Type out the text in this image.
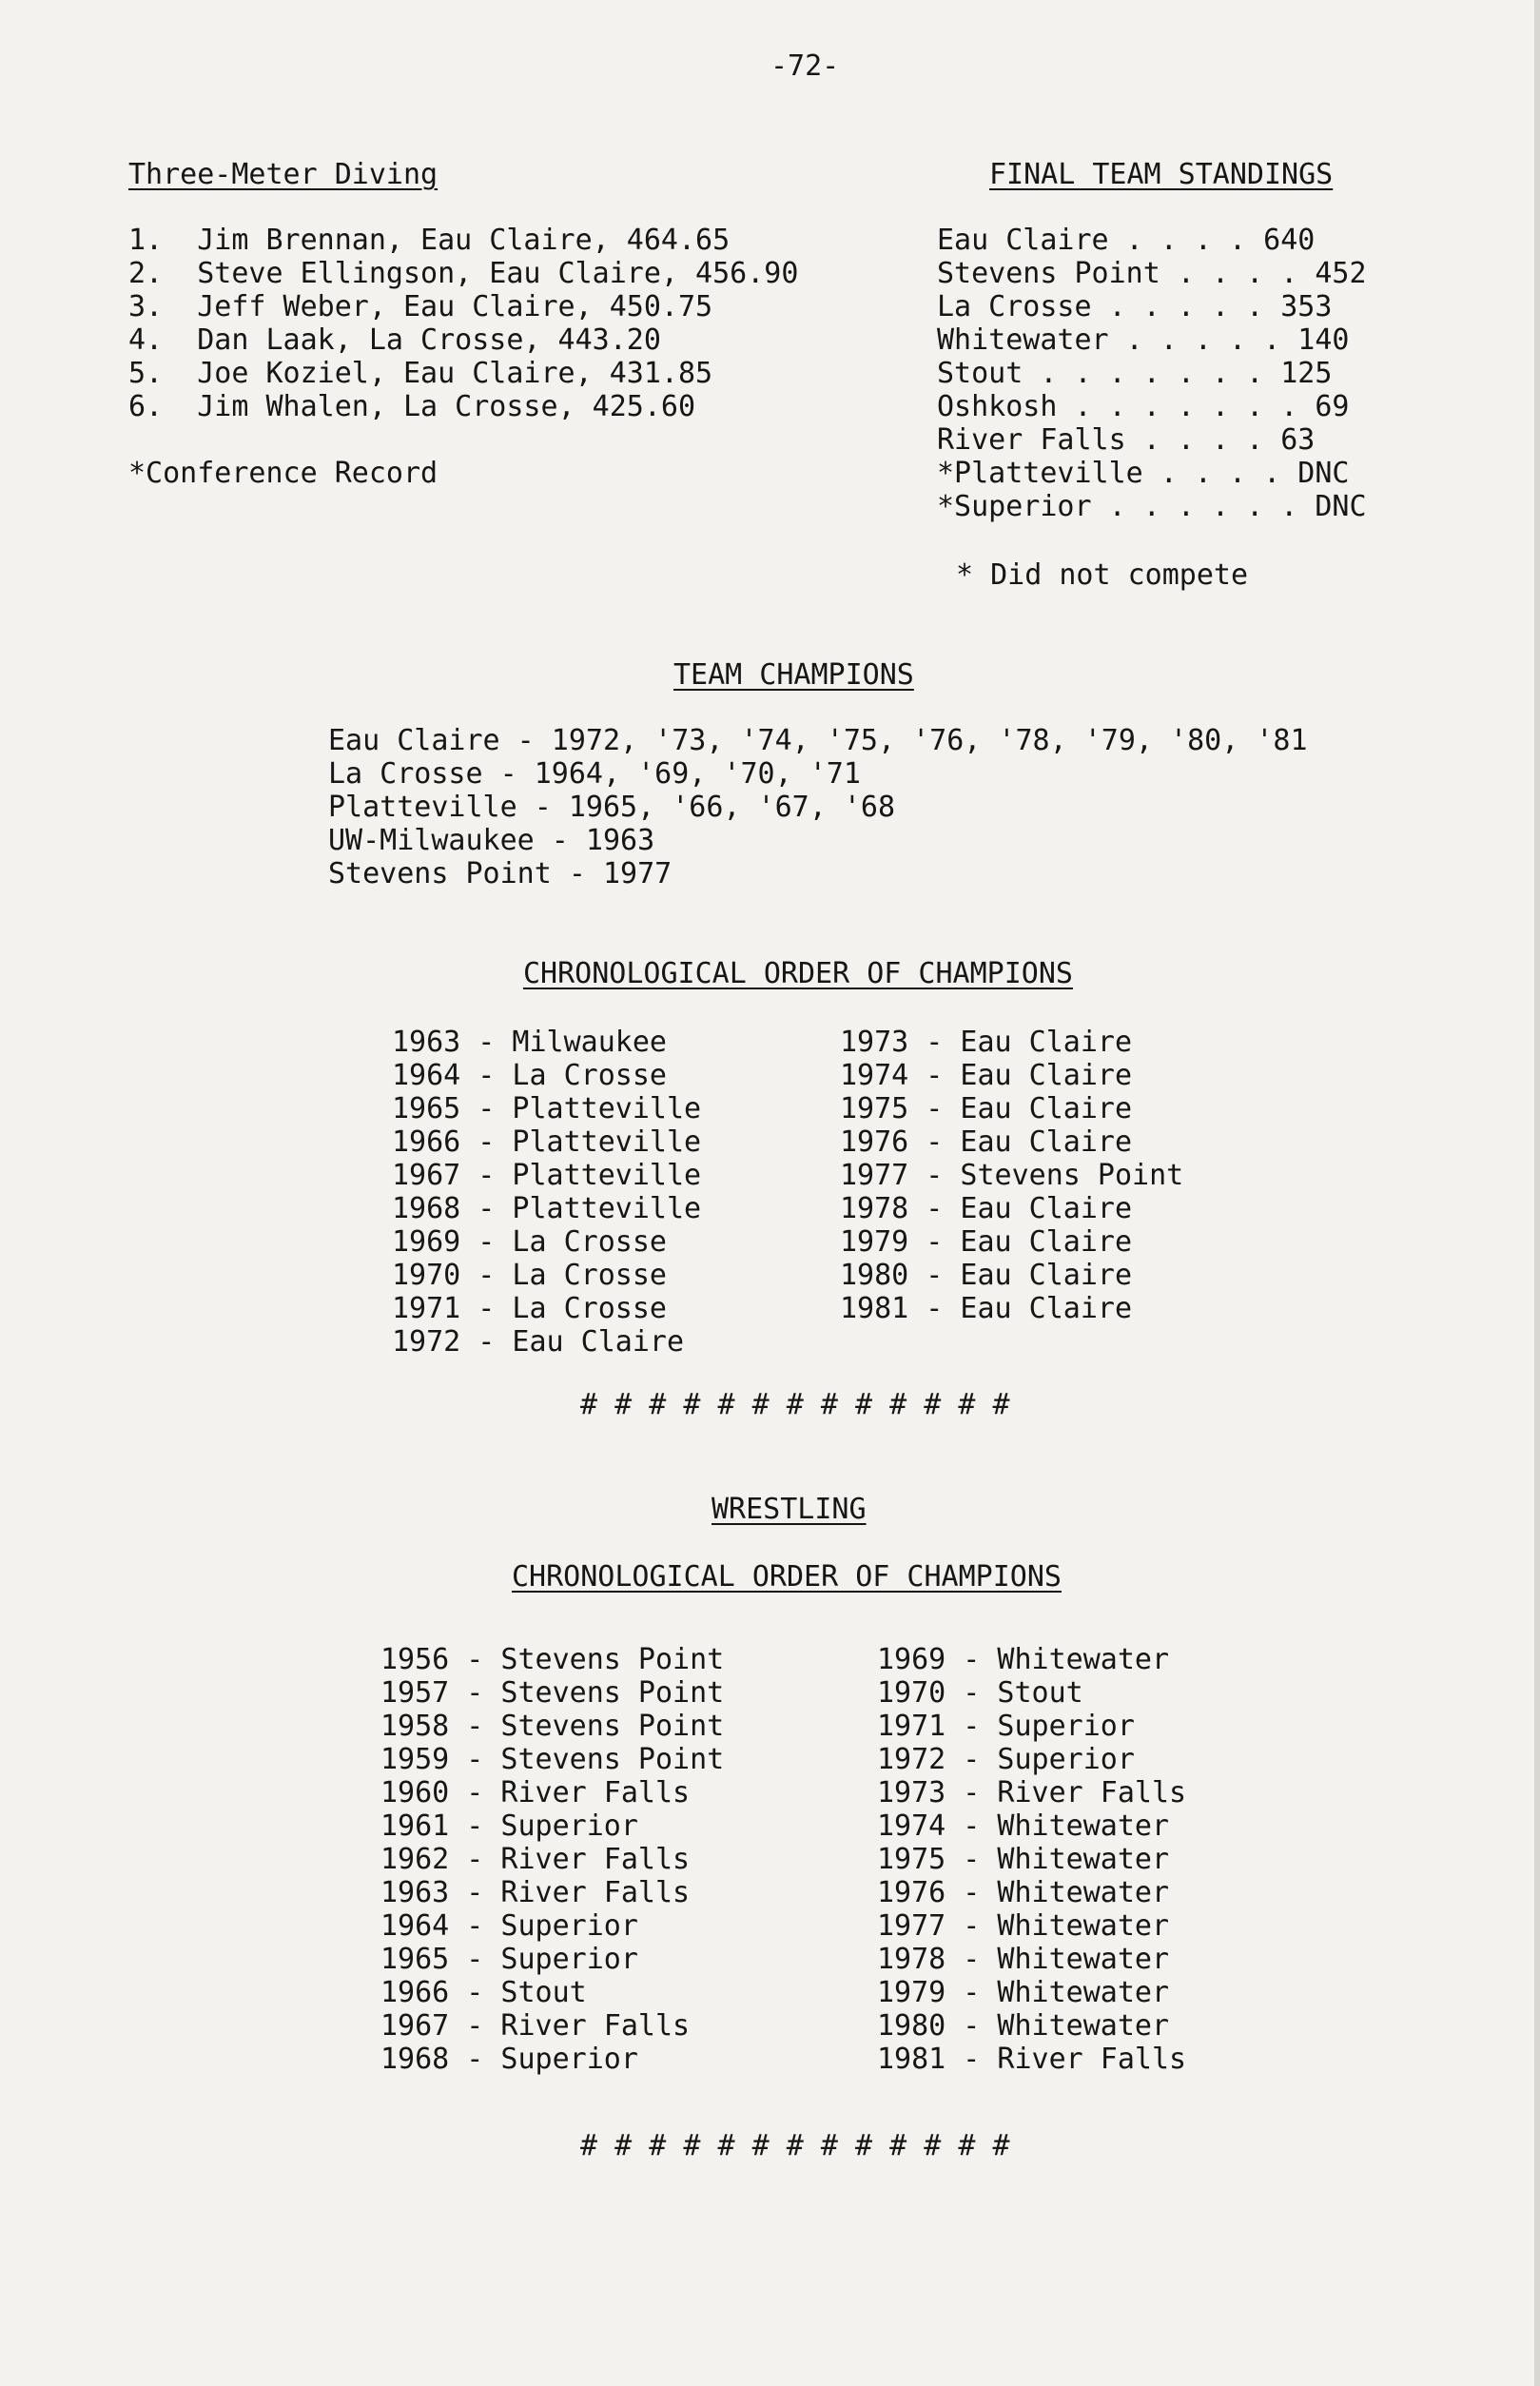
-72-
Three-Meter Diving
1.  Jim Brennan, Eau Claire, 464.65
2.  Steve Ellingson, Eau Claire, 456.90
3.  Jeff Weber, Eau Claire, 450.75
4.  Dan Laak, La Crosse, 443.20
5.  Joe Koziel, Eau Claire, 431.85
6.  Jim Whalen, La Crosse, 425.60
*Conference Record
FINAL TEAM STANDINGS
Eau Claire . . . . 640
Stevens Point . . . . 452
La Crosse . . . . . 353
Whitewater . . . . . 140
Stout . . . . . . . 125
Oshkosh . . . . . . . 69
River Falls . . . . 63
*Platteville . . . . DNC
*Superior . . . . . . DNC
* Did not compete
TEAM CHAMPIONS
Eau Claire - 1972, '73, '74, '75, '76, '78, '79, '80, '81
La Crosse - 1964, '69, '70, '71
Platteville - 1965, '66, '67, '68
UW-Milwaukee - 1963
Stevens Point - 1977
CHRONOLOGICAL ORDER OF CHAMPIONS
1963 - Milwaukee
1964 - La Crosse
1965 - Platteville
1966 - Platteville
1967 - Platteville
1968 - Platteville
1969 - La Crosse
1970 - La Crosse
1971 - La Crosse
1972 - Eau Claire
1973 - Eau Claire
1974 - Eau Claire
1975 - Eau Claire
1976 - Eau Claire
1977 - Stevens Point
1978 - Eau Claire
1979 - Eau Claire
1980 - Eau Claire
1981 - Eau Claire
# # # # # # # # # # # # #
WRESTLING
CHRONOLOGICAL ORDER OF CHAMPIONS
1956 - Stevens Point
1957 - Stevens Point
1958 - Stevens Point
1959 - Stevens Point
1960 - River Falls
1961 - Superior
1962 - River Falls
1963 - River Falls
1964 - Superior
1965 - Superior
1966 - Stout
1967 - River Falls
1968 - Superior
1969 - Whitewater
1970 - Stout
1971 - Superior
1972 - Superior
1973 - River Falls
1974 - Whitewater
1975 - Whitewater
1976 - Whitewater
1977 - Whitewater
1978 - Whitewater
1979 - Whitewater
1980 - Whitewater
1981 - River Falls
# # # # # # # # # # # # #
